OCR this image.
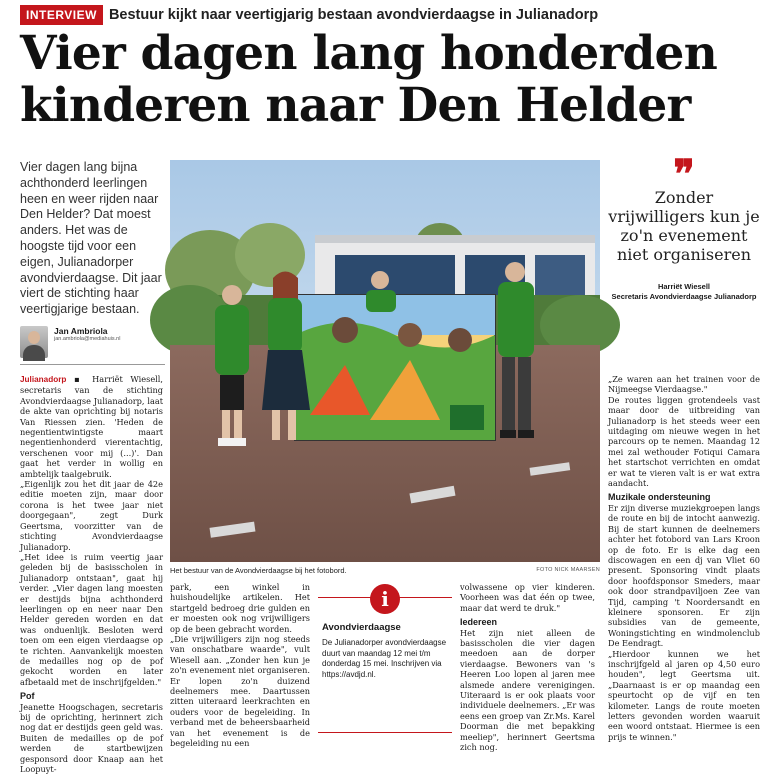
INTERVIEW Bestuur kijkt naar veertigjarig bestaan avondvierdaagse in Julianadorp
Vier dagen lang honderden
kinderen naar Den Helder

Vier dagen lang bijna achthonderd leerlingen heen en weer rijden naar Den Helder? Dat moest anders. Het was de hoogste tijd voor een eigen, Julianadorper avondvierdaagse. Dit jaar viert de stichting haar veertigjarige bestaan.

Jan Ambriola
jan.ambriola@mediahuis.nl
Het bestuur van de Avondvierdaagse bij het fotobord.	FOTO NICK MAARSEN
❞
Zonder vrijwilligers kun je zo'n evenement niet organiseren
Harriët Wiesell
Secretaris Avondvierdaagse Julianadorp

Julianadorp ▪ Harriët Wiesell, secretaris van de stichting Avondvierdaagse Julianadorp, laat de akte van oprichting bij notaris Van Riessen zien. 'Heden de negentientwintigste maart negentienhonderd vierentachtig, verschenen voor mij (...)'. Dan gaat het verder in wollig en ambtelijk taalgebruik.

„Eigenlijk zou het dit jaar de 42e editie moeten zijn, maar door corona is het twee jaar niet doorgegaan", zegt Durk Geertsma, voorzitter van de stichting Avondvierdaagse Julianadorp.

„Het idee is ruim veertig jaar geleden bij de basisscholen in Julianadorp ontstaan", gaat hij verder. „Vier dagen lang moesten er destijds bijna achthonderd leerlingen op en neer naar Den Helder gereden worden en dat was onduenlijk. Besloten werd toen om een eigen vierdaagse op te richten. Aanvankelijk moesten de medailles nog op de pof gekocht worden en later afbetaald met de inschrijfgelden."

Pof

Jeanette Hoogschagen, secretaris bij de oprichting, herinnert zich nog dat er destijds geen geld was. Buiten de medailles op de pof werden de startbewijzen gesponsord door Knaap aan het Loopuyt-

park, een winkel in huishoudelijke artikelen. Het startgeld bedroeg drie gulden en er moesten ook nog vrijwilligers op de been gebracht worden.

„Die vrijwilligers zijn nog steeds van onschatbare waarde", vult Wiesell aan. „Zonder hen kun je zo'n evenement niet organiseren. Er lopen zo'n duizend deelnemers mee. Daartussen zitten uiteraard leerkrachten en ouders voor de begeleiding. In verband met de beheersbaarheid van het evenement is de begeleiding nu een

i
Avondvierdaagse
De Julianadorper avondvierdaagse duurt van maandag 12 mei t/m donderdag 15 mei. Inschrijven via https://avdjd.nl.

volwassene op vier kinderen. Voorheen was dat één op twee, maar dat werd te druk."

Iedereen

Het zijn niet alleen de basisscholen die vier dagen meedoen aan de dorper vierdaagse. Bewoners van 's Heeren Loo lopen al jaren mee alsmede andere verenigingen. Uiteraard is er ook plaats voor individuele deelnemers. „Er was eens een groep van Zr.Ms. Karel Doorman die met bepakking meeliep", herinnert Geertsma zich nog.

„Ze waren aan het trainen voor de Nijmeegse Vierdaagse."

De routes liggen grotendeels vast maar door de uitbreiding van Julianadorp is het steeds weer een uitdaging om nieuwe wegen in het parcours op te nemen. Maandag 12 mei zal wethouder Fotiqui Camara het startschot verrichten en omdat er wat te vieren valt is er wat extra aandacht.

Muzikale ondersteuning

Er zijn diverse muziekgroepen langs de route en bij de intocht aanwezig. Bij de start kunnen de deelnemers achter het fotobord van Lars Kroon op de foto. Er is elke dag een discowagen en een dj van Vliet 60 present. Sponsoring vindt plaats door hoofdsponsor Smeders, maar ook door strandpaviljoen Zee van Tijd, camping 't Noordersandt en kleinere sponsoren. Er zijn subsidies van de gemeente, Woningstichting en windmolenclub De Eendragt.

„Hierdoor kunnen we het inschrijfgeld al jaren op 4,50 euro houden", legt Geertsma uit. „Daarnaast is er op maandag een speurtocht op de vijf en ten kilometer. Langs de route moeten letters gevonden worden waaruit een woord ontstaat. Hiermee is een prijs te winnen."
